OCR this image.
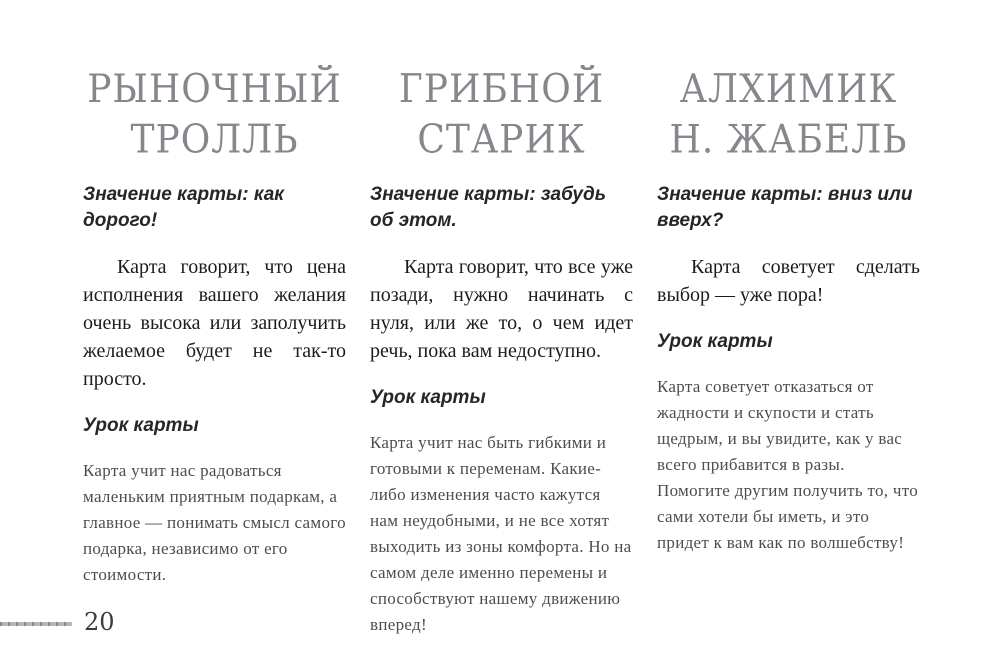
РЫНОЧНЫЙ
ТРОЛЛЬ

Значение карты: как дорого!

Карта говорит, что цена исполнения вашего желания очень высока или заполучить желаемое будет не так-то просто.

Урок карты

Карта учит нас радоваться маленьким приятным подаркам, а главное — понимать смысл самого подарка, независимо от его стоимости.

ГРИБНОЙ
СТАРИК

Значение карты: забудь об этом.

Карта говорит, что все уже позади, нужно начинать с нуля, или же то, о чем идет речь, пока вам недоступно.

Урок карты

Карта учит нас быть гибкими и готовыми к переменам. Какие-либо изменения часто кажутся нам неудобными, и не все хотят выходить из зоны комфорта. Но на самом деле именно перемены и способствуют нашему движению вперед!

АЛХИМИК
Н. ЖАБЕЛЬ

Значение карты: вниз или вверх?

Карта советует сделать выбор — уже пора!

Урок карты

Карта советует отказаться от жадности и скупости и стать щедрым, и вы увидите, как у вас всего прибавится в разы. Помогите другим получить то, что сами хотели бы иметь, и это придет к вам как по волшебству!

20
